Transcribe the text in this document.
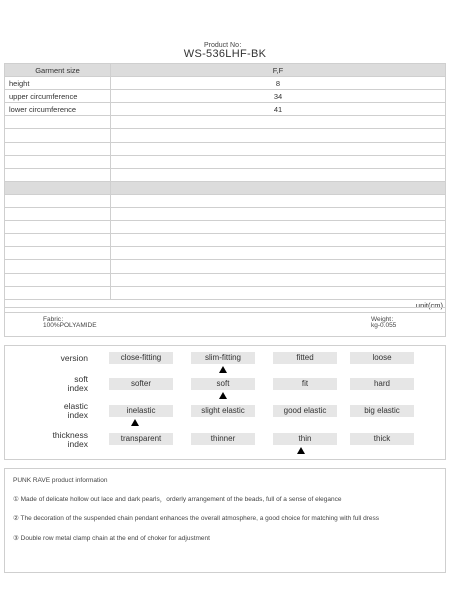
Product No：
WS-536LHF-BK
Garment size	F,F
height	8
upper circumference	34
lower circumference	41

	unit(cm)
Fabric：
100%POLYAMIDE
Weight：
kg-0.055
version	close-fitting	slim-fitting	fitted	loose
soft
index	softer	soft	fit	hard
elastic
index	inelastic	slight elastic	good elastic	big elastic
thickness
index	transparent	thinner	thin	thick
PUNK RAVE product information
① Made of delicate hollow out lace and dark pearls，orderly arrangement of the beads, full of a sense of elegance
② The decoration of the suspended chain pendant enhances the overall atmosphere, a good choice for matching with full dress
③ Double row metal clamp chain at the end of choker for adjustment
